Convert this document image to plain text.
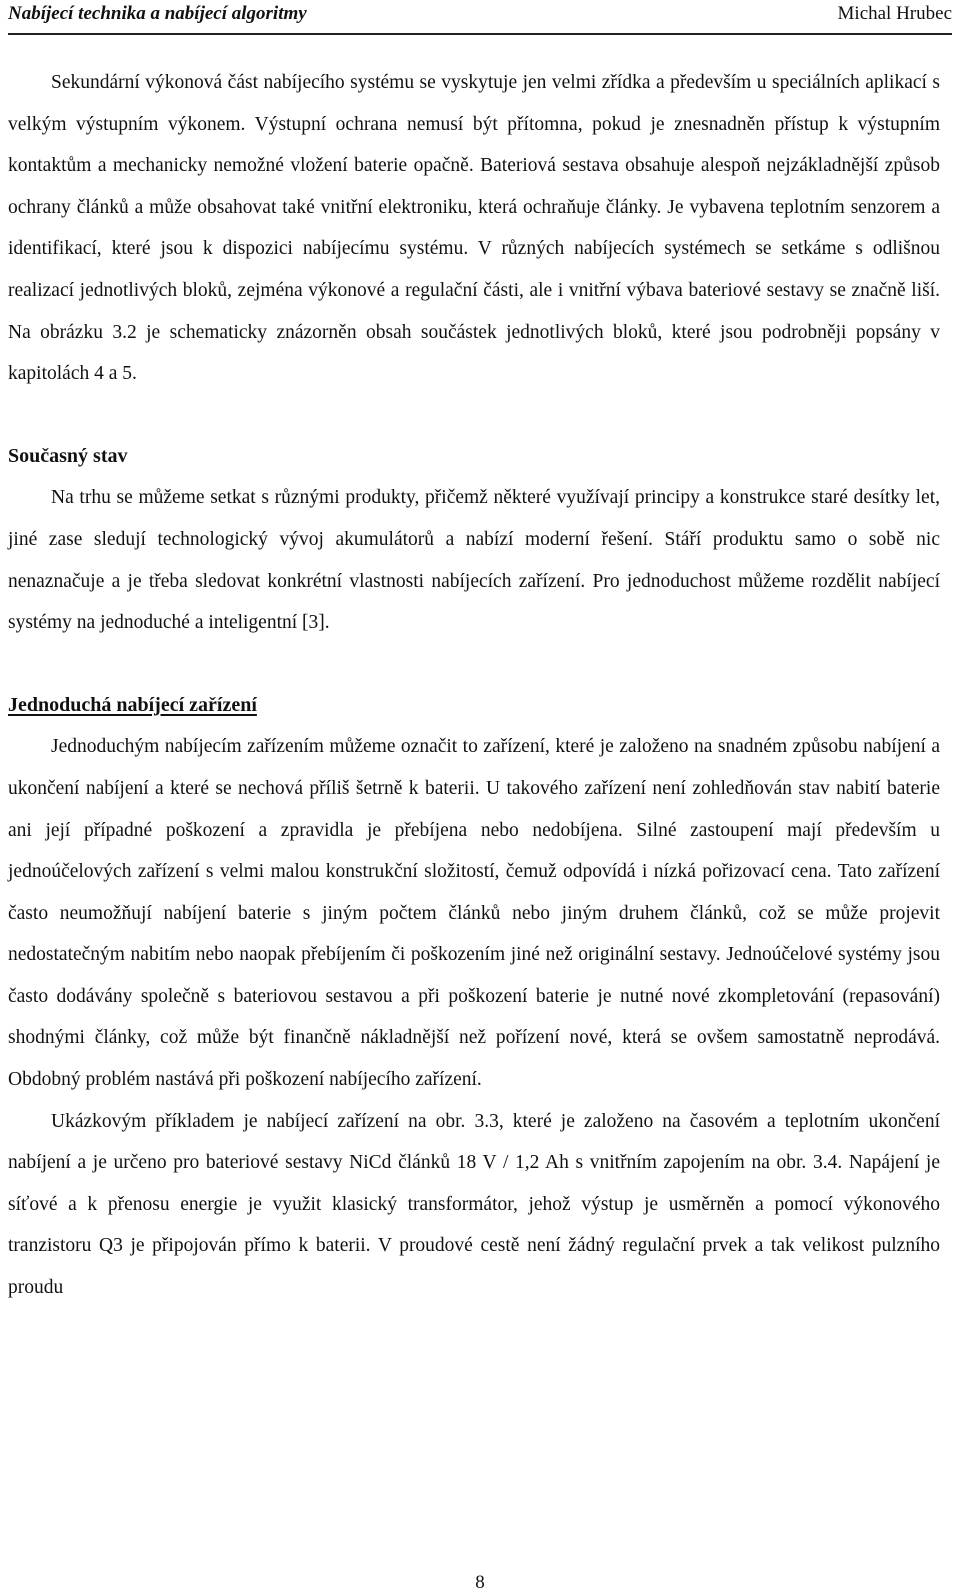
Nabíjecí technika a nabíjecí algoritmy	Michal Hrubec

Sekundární výkonová část nabíjecího systému se vyskytuje jen velmi zřídka a především u speciálních aplikací s velkým výstupním výkonem. Výstupní ochrana nemusí být přítomna, pokud je znesnadněn přístup k výstupním kontaktům a mechanicky nemožné vložení baterie opačně. Bateriová sestava obsahuje alespoň nejzákladnější způsob ochrany článků a může obsahovat také vnitřní elektroniku, která ochraňuje články. Je vybavena teplotním senzorem a identifikací, které jsou k dispozici nabíjecímu systému. V různých nabíjecích systémech se setkáme s odlišnou realizací jednotlivých bloků, zejména výkonové a regulační části, ale i vnitřní výbava bateriové sestavy se značně liší. Na obrázku 3.2 je schematicky znázorněn obsah součástek jednotlivých bloků, které jsou podrobněji popsány v kapitolách 4 a 5.

Současný stav

Na trhu se můžeme setkat s různými produkty, přičemž některé využívají principy a konstrukce staré desítky let, jiné zase sledují technologický vývoj akumulátorů a nabízí moderní řešení. Stáří produktu samo o sobě nic nenaznačuje a je třeba sledovat konkrétní vlastnosti nabíjecích zařízení. Pro jednoduchost můžeme rozdělit nabíjecí systémy na jednoduché a inteligentní [3].

Jednoduchá nabíjecí zařízení

Jednoduchým nabíjecím zařízením můžeme označit to zařízení, které je založeno na snadném způsobu nabíjení a ukončení nabíjení a které se nechová příliš šetrně k baterii. U takového zařízení není zohledňován stav nabití baterie ani její případné poškození a zpravidla je přebíjena nebo nedobíjena. Silné zastoupení mají především u jednoúčelových zařízení s velmi malou konstrukční složitostí, čemuž odpovídá i nízká pořizovací cena. Tato zařízení často neumožňují nabíjení baterie s jiným počtem článků nebo jiným druhem článků, což se může projevit nedostatečným nabitím nebo naopak přebíjením či poškozením jiné než originální sestavy. Jednoúčelové systémy jsou často dodávány společně s bateriovou sestavou a při poškození baterie je nutné nové zkompletování (repasování) shodnými články, což může být finančně nákladnější než pořízení nové, která se ovšem samostatně neprodává. Obdobný problém nastává při poškození nabíjecího zařízení.

Ukázkovým příkladem je nabíjecí zařízení na obr. 3.3, které je založeno na časovém a teplotním ukončení nabíjení a je určeno pro bateriové sestavy NiCd článků 18 V / 1,2 Ah s vnitřním zapojením na obr. 3.4. Napájení je síťové a k přenosu energie je využit klasický transformátor, jehož výstup je usměrněn a pomocí výkonového tranzistoru Q3 je připojován přímo k baterii. V proudové cestě není žádný regulační prvek a tak velikost pulzního proudu

8
